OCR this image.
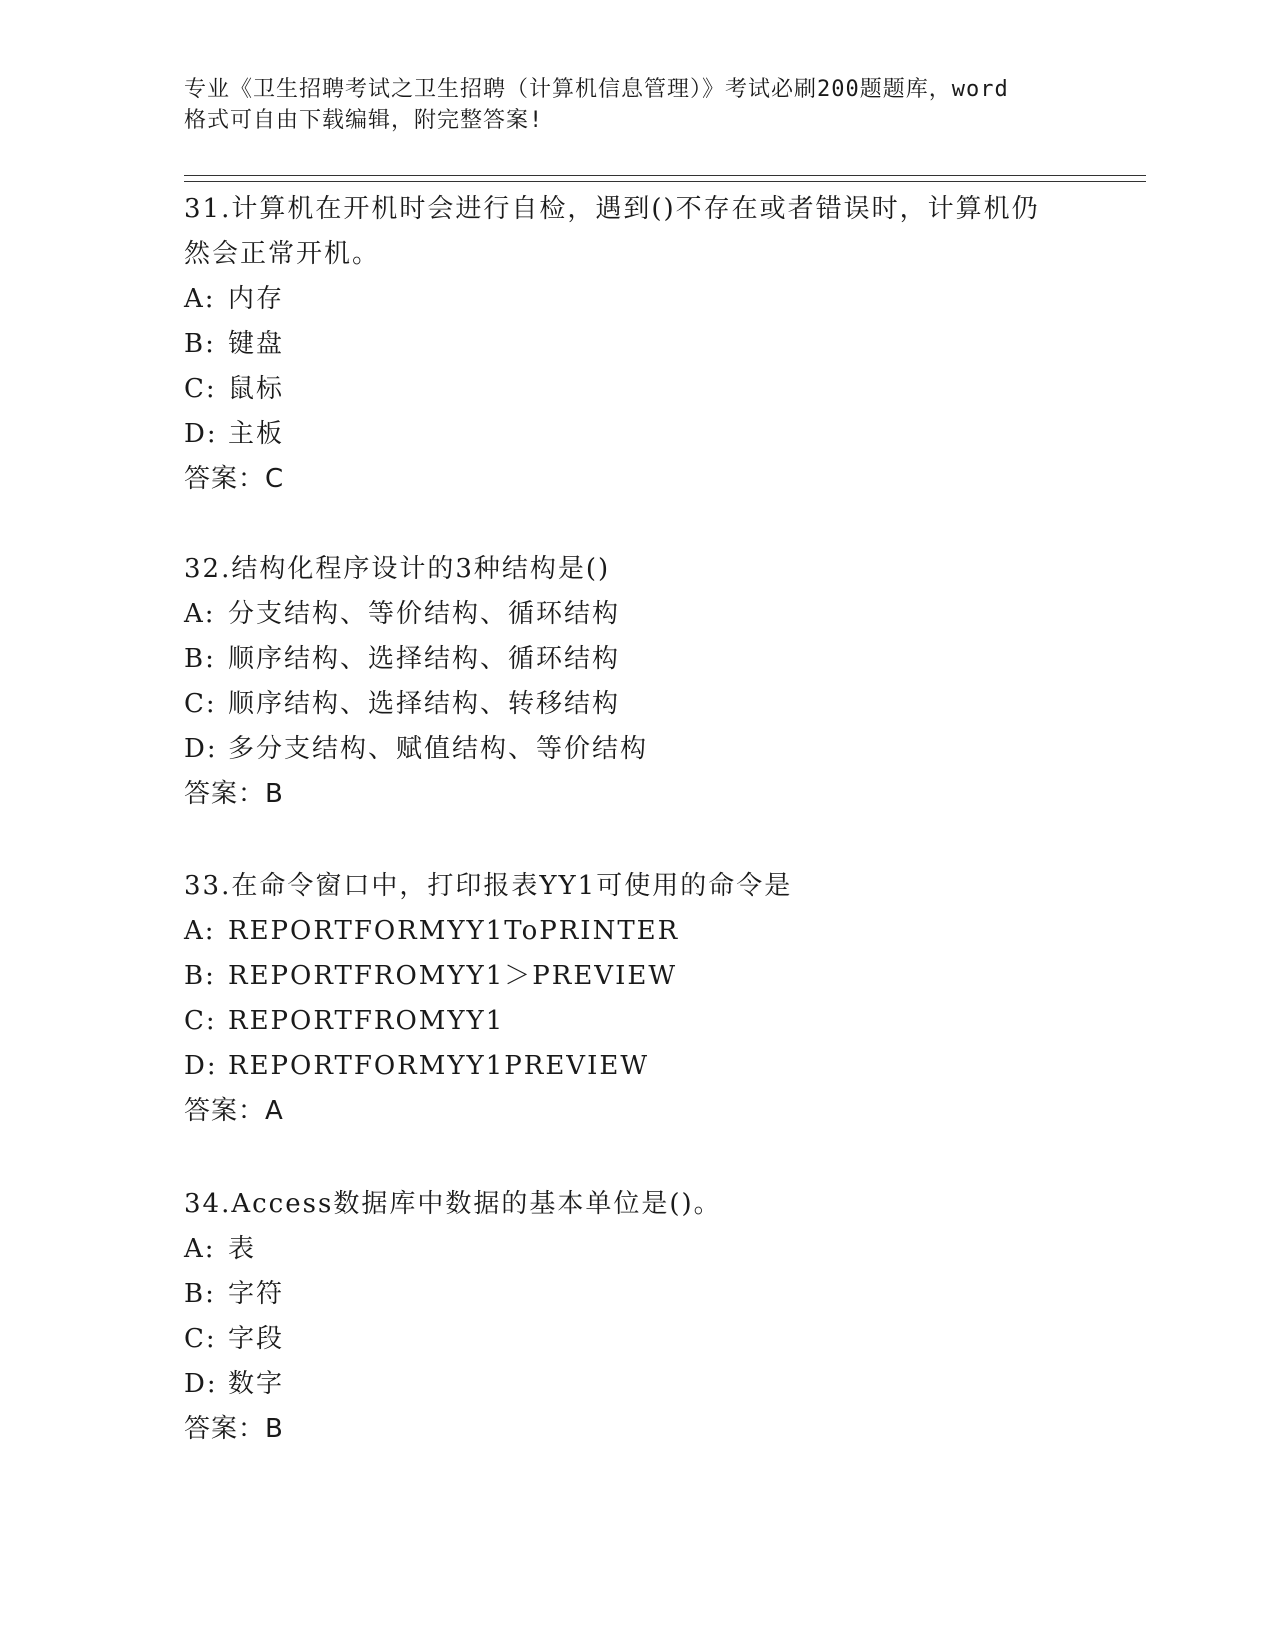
专业《卫生招聘考试之卫生招聘（计算机信息管理）》考试必刷200题题库，word
格式可自由下载编辑，附完整答案!
31.计算机在开机时会进行自检，遇到()不存在或者错误时，计算机仍
然会正常开机。
A: 内存
B: 键盘
C: 鼠标
D: 主板
答案：C
32.结构化程序设计的3种结构是()
A: 分支结构、等价结构、循环结构
B: 顺序结构、选择结构、循环结构
C: 顺序结构、选择结构、转移结构
D: 多分支结构、赋值结构、等价结构
答案：B
33.在命令窗口中，打印报表YY1可使用的命令是
A: REPORTFORMYY1ToPRINTER
B: REPORTFROMYY1＞PREVIEW
C: REPORTFROMYY1
D: REPORTFORMYY1PREVIEW
答案：A
34.Access数据库中数据的基本单位是()。
A: 表
B: 字符
C: 字段
D: 数字
答案：B
